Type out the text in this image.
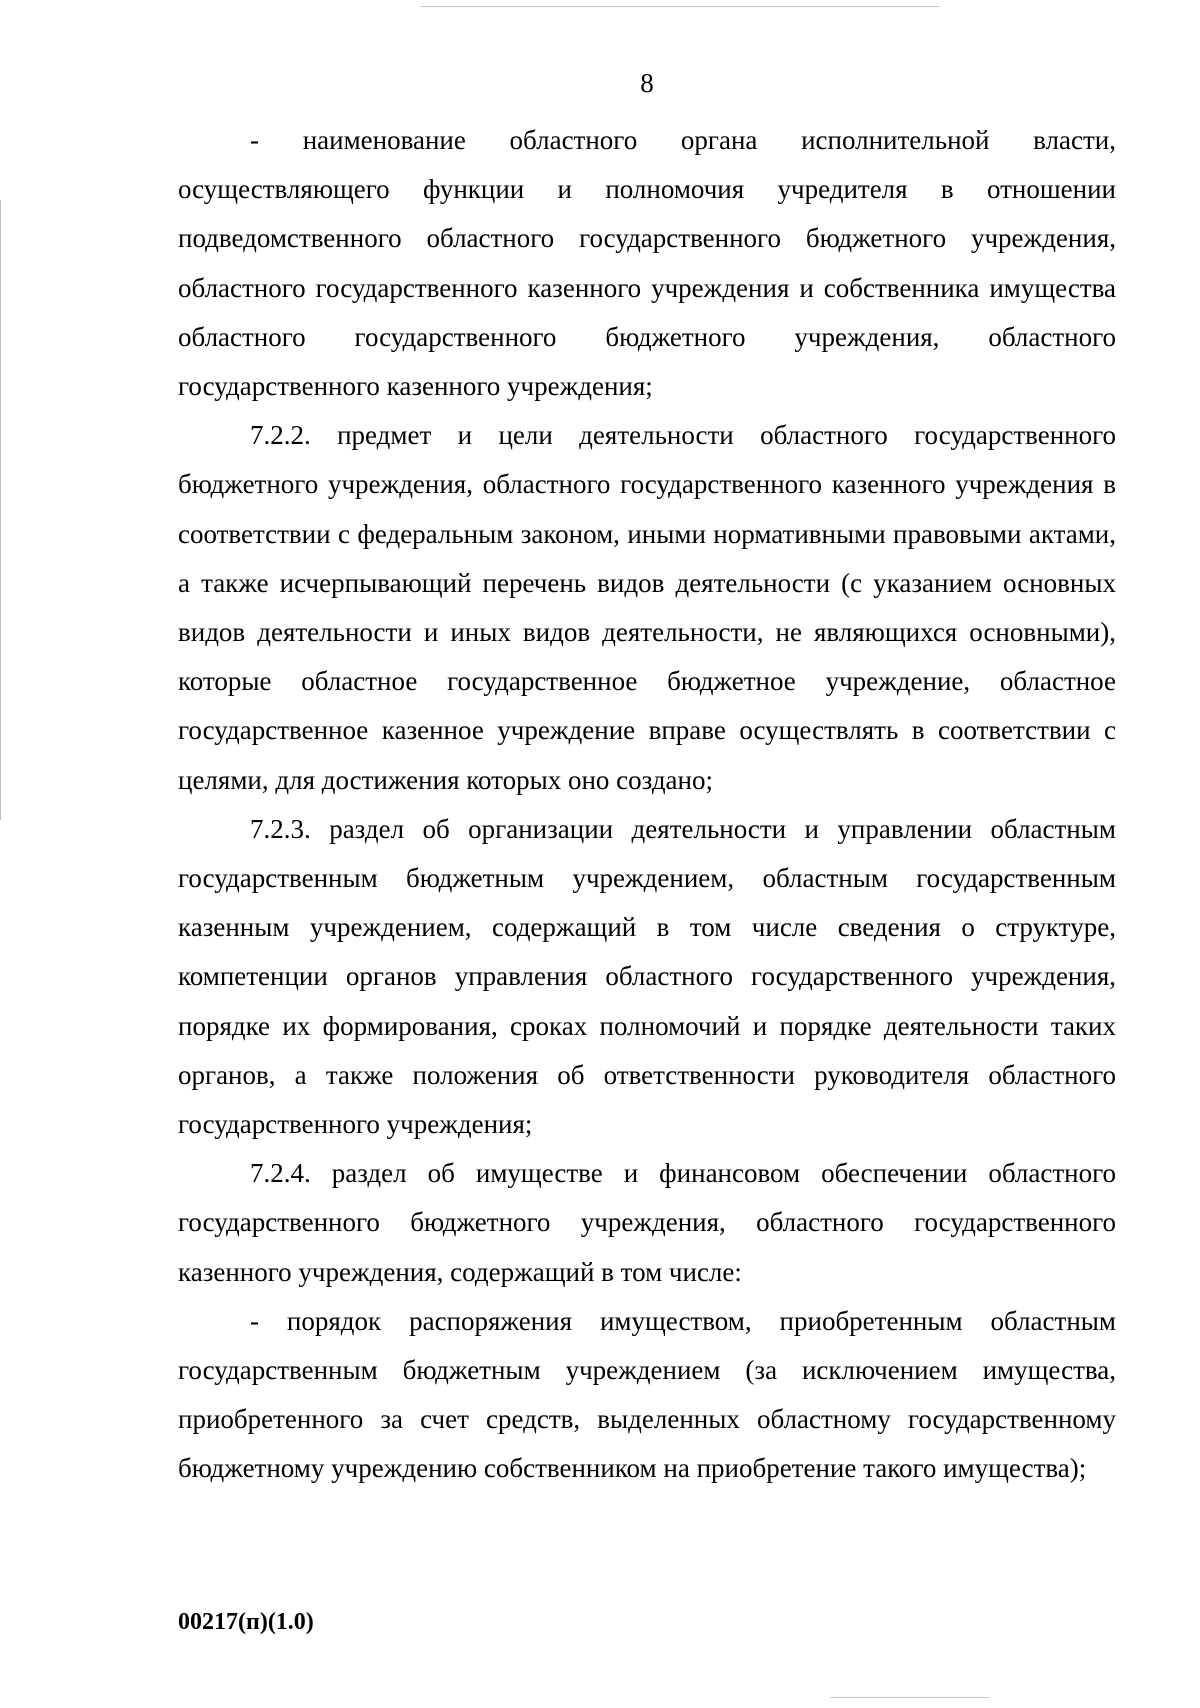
8

- наименование областного органа исполнительной власти, осуществляющего функции и полномочия учредителя в отношении подведомственного областного государственного бюджетного учреждения, областного государственного казенного учреждения и собственника имущества областного государственного бюджетного учреждения, областного государственного казенного учреждения;

7.2.2. предмет и цели деятельности областного государственного бюджетного учреждения, областного государственного казенного учреждения в соответствии с федеральным законом, иными нормативными правовыми актами, а также исчерпывающий перечень видов деятельности (с указанием основных видов деятельности и иных видов деятельности, не являющихся основными), которые областное государственное бюджетное учреждение, областное государственное казенное учреждение вправе осуществлять в соответствии с целями, для достижения которых оно создано;

7.2.3. раздел об организации деятельности и управлении областным государственным бюджетным учреждением, областным государственным казенным учреждением, содержащий в том числе сведения о структуре, компетенции органов управления областного государственного учреждения, порядке их формирования, сроках полномочий и порядке деятельности таких органов, а также положения об ответственности руководителя областного государственного учреждения;

7.2.4. раздел об имуществе и финансовом обеспечении областного государственного бюджетного учреждения, областного государственного казенного учреждения, содержащий в том числе:

- порядок распоряжения имуществом, приобретенным областным государственным бюджетным учреждением (за исключением имущества, приобретенного за счет средств, выделенных областному государственному бюджетному учреждению собственником на приобретение такого имущества);

00217(п)(1.0)
